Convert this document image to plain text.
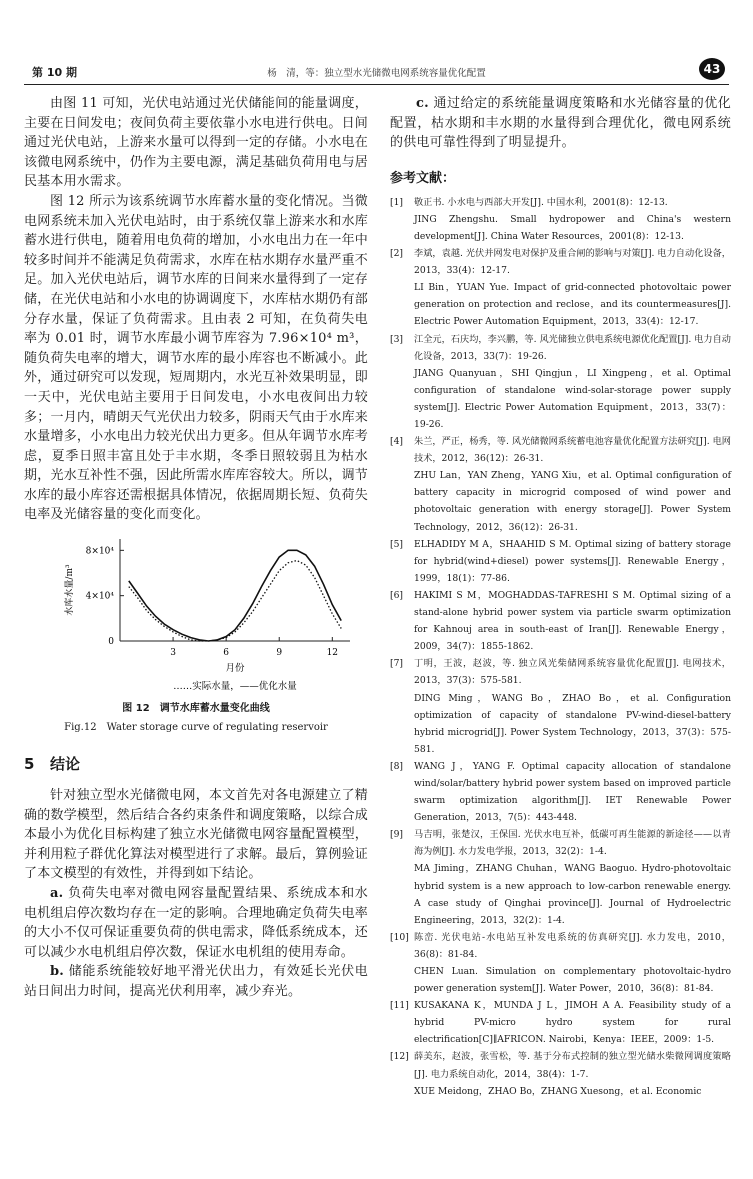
第 10 期	杨　清，等：独立型水光储微电网系统容量优化配置	43

由图 11 可知，光伏电站通过光伏储能间的能量调度，主要在日间发电；夜间负荷主要依靠小水电进行供电。日间通过光伏电站，上游来水量可以得到一定的存储。小水电在该微电网系统中，仍作为主要电源，满足基础负荷用电与居民基本用水需求。

图 12 所示为该系统调节水库蓄水量的变化情况。当微电网系统未加入光伏电站时，由于系统仅靠上游来水和水库蓄水进行供电，随着用电负荷的增加，小水电出力在一年中较多时间并不能满足负荷需求，水库在枯水期存水量严重不足。加入光伏电站后，调节水库的日间来水量得到了一定存储，在光伏电站和小水电的协调调度下，水库枯水期仍有部分存水量，保证了负荷需求。且由表 2 可知，在负荷失电率为 0.01 时，调节水库最小调节库容为 7.96×10⁴ m³，随负荷失电率的增大，调节水库的最小库容也不断减小。此外，通过研究可以发现，短周期内，水光互补效果明显，即一天中，光伏电站主要用于日间发电，小水电夜间出力较多；一月内，晴朗天气光伏出力较多，阴雨天气由于水库来水量增多，小水电出力较光伏出力更多。但从年调节水库考虑，夏季日照丰富且处于丰水期，冬季日照较弱且为枯水期，光水互补性不强，因此所需水库库容较大。所以，调节水库的最小库容还需根据具体情况，依据周期长短、负荷失电率及光储容量的变化而变化。

0
4×10⁴
8×10⁴
3	6	9	12
水库水量/m³
月份
……实际水量，——优化水量
图 12　调节水库蓄水量变化曲线
Fig.12　Water storage curve of regulating reservoir
5 结论

针对独立型水光储微电网，本文首先对各电源建立了精确的数学模型，然后结合各约束条件和调度策略，以综合成本最小为优化目标构建了独立水光储微电网容量配置模型，并利用粒子群优化算法对模型进行了求解。最后，算例验证了本文模型的有效性，并得到如下结论。

a. 负荷失电率对微电网容量配置结果、系统成本和水电机组启停次数均存在一定的影响。合理地确定负荷失电率的大小不仅可保证重要负荷的供电需求，降低系统成本，还可以减少水电机组启停次数，保证水电机组的使用寿命。

b. 储能系统能较好地平滑光伏出力，有效延长光伏电站日间出力时间，提高光伏利用率，减少弃光。

c. 通过给定的系统能量调度策略和水光储容量的优化配置，枯水期和丰水期的水量得到合理优化，微电网系统的供电可靠性得到了明显提升。

参考文献：
[1]	敬正书. 小水电与西部大开发[J]. 中国水利，2001(8)：12-13.
JING Zhengshu. Small hydropower and China's western development[J]. China Water Resources，2001(8)：12-13.
[2]	李斌，袁越. 光伏并网发电对保护及重合闸的影响与对策[J]. 电力自动化设备，2013，33(4)：12-17.
LI Bin，YUAN Yue. Impact of grid-connected photovoltaic power generation on protection and reclose，and its countermeasures[J]. Electric Power Automation Equipment，2013，33(4)：12-17.
[3]	江全元，石庆均，李兴鹏，等. 风光储独立供电系统电源优化配置[J]. 电力自动化设备，2013，33(7)：19-26.
JIANG Quanyuan，SHI Qingjun，LI Xingpeng，et al. Optimal configuration of standalone wind-solar-storage power supply system[J]. Electric Power Automation Equipment，2013，33(7)：19-26.
[4]	朱兰，严正，杨秀，等. 风光储微网系统蓄电池容量优化配置方法研究[J]. 电网技术，2012，36(12)：26-31.
ZHU Lan，YAN Zheng，YANG Xiu，et al. Optimal configuration of battery capacity in microgrid composed of wind power and photovoltaic generation with energy storage[J]. Power System Technology，2012，36(12)：26-31.
[5]	ELHADIDY M A，SHAAHID S M. Optimal sizing of battery storage for hybrid(wind+diesel) power systems[J]. Renewable Energy，1999，18(1)：77-86.
[6]	HAKIMI S M，MOGHADDAS-TAFRESHI S M. Optimal sizing of a stand-alone hybrid power system via particle swarm optimization for Kahnouj area in south-east of Iran[J]. Renewable Energy，2009，34(7)：1855-1862.
[7]	丁明，王波，赵波，等. 独立风光柴储网系统容量优化配置[J]. 电网技术，2013，37(3)：575-581.
DING Ming，WANG Bo，ZHAO Bo，et al. Configuration optimization of capacity of standalone PV-wind-diesel-battery hybrid microgrid[J]. Power System Technology，2013，37(3)：575-581.
[8]	WANG J，YANG F. Optimal capacity allocation of standalone wind/solar/battery hybrid power system based on improved particle swarm optimization algorithm[J]. IET Renewable Power Generation，2013，7(5)：443-448.
[9]	马吉明，张楚汉，王保国. 光伏水电互补，低碳可再生能源的新途径——以青海为例[J]. 水力发电学报，2013，32(2)：1-4.
MA Jiming，ZHANG Chuhan，WANG Baoguo. Hydro-photovoltaic hybrid system is a new approach to low-carbon renewable energy. A case study of Qinghai province[J]. Journal of Hydroelectric Engineering，2013，32(2)：1-4.
[10] 陈峦. 光伏电站-水电站互补发电系统的仿真研究[J]. 水力发电，2010，36(8)：81-84.
CHEN Luan. Simulation on complementary photovoltaic-hydro power generation system[J]. Water Power，2010，36(8)：81-84.
[11] KUSAKANA K，MUNDA J L，JIMOH A A. Feasibility study of a hybrid PV-micro hydro system for rural electrification[C]∥AFRICON. Nairobi，Kenya：IEEE，2009：1-5.
[12] 薛美东，赵波，张雪松，等. 基于分布式控制的独立型光储水柴微网调度策略[J]. 电力系统自动化，2014，38(4)：1-7.
XUE Meidong，ZHAO Bo，ZHANG Xuesong，et al. Economic
